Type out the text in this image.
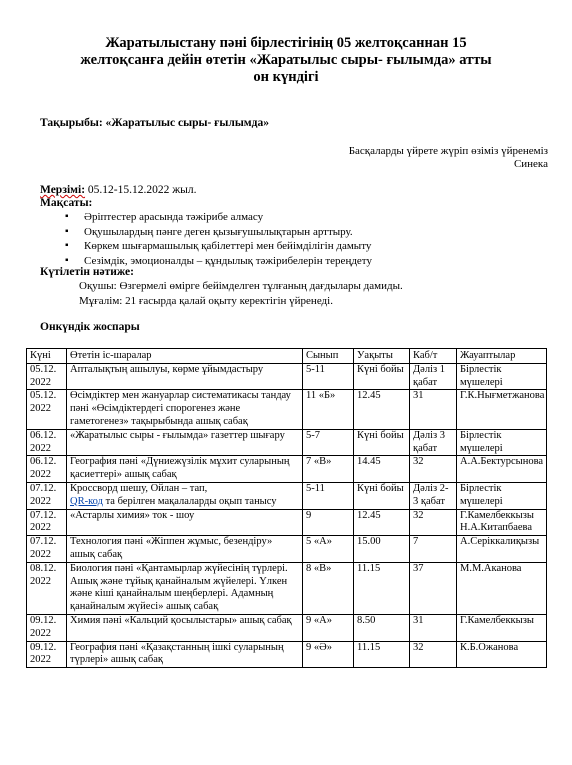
Жаратылыстану пәні бірлестігінің 05 желтоқсаннан 15
желтоқсанға дейін өтетін «Жаратылыс сыры- ғылымда» атты
он күндігі
Тақырыбы: «Жаратылыс сыры- ғылымда»
Басқаларды үйрете жүріп өзіміз үйренеміз
Синека
Мерзімі: 05.12-15.12.2022 жыл.
Мақсаты:
▪ Әріптестер арасында тәжірибе алмасу
▪ Оқушылардың пәнге деген қызығушылықтарын арттыру.
▪ Көркем шығармашылық қабілеттері мен бейімділігін дамыту
▪ Сезімдік, эмоционалды – құндылық тәжірибелерін тереңдету
Күтілетін нәтиже:
Оқушы: Өзгермелі өмірге бейімделген тұлғаның дағдылары дамиды.
Мұғалім: 21 ғасырда қалай оқыту керектігін үйренеді.
Онкүндік жоспары
Күні	Өтетін іс-шаралар	Сынып	Уақыты	Каб/т	Жауаптылар
05.12. 2022	Апталықтың ашылуы, көрме ұйымдастыру	5-11	Күні бойы	Дәліз 1 қабат	Бірлестік мүшелері
05.12. 2022	Өсімдіктер мен жануарлар систематикасы тандау пәні «Өсімдіктердегі спорогенез және гаметогенез» тақырыбында ашық сабақ	11 «Б»	12.45	31	Г.К.Нығметжанова
06.12. 2022	«Жаратылыс сыры - ғылымда» газеттер шығару	5-7	Күні бойы	Дәліз 3 қабат	Бірлестік мүшелері
06.12. 2022	География пәні «Дүниежүзілік мұхит суларының қасиеттері» ашық сабақ	7 «В»	14.45	32	А.А.Бектурсынова
07.12. 2022	Кроссворд шешу, Ойлан – тап,
QR-код та берілген мақалаларды оқып танысу	5-11	Күні бойы	Дәліз 2-3 қабат	Бірлестік мүшелері
07.12. 2022	«Астарлы химия» ток - шоу	9	12.45	32	Г.Камелбеккызы Н.А.Китапбаева
07.12. 2022	Технология пәні «Жіппен жұмыс, безендіру» ашық сабақ	5 «А»	15.00	7	А.Серіккалиқызы
08.12. 2022	Биология пәні «Қантамырлар жүйесінің түрлері. Ашық және тұйық қанайналым жүйелері. Үлкен және кіші қанайналым шеңберлері. Адамның қанайналым жүйесі» ашық сабақ	8 «В»	11.15	37	М.М.Аканова
09.12. 2022	Химия пәні «Кальций қосылыстары» ашық сабақ	9 «А»	8.50	31	Г.Камелбеккызы
09.12. 2022	География пәні «Қазақстанның ішкі суларының түрлері» ашық сабақ	9 «Ә»	11.15	32	К.Б.Ожанова
